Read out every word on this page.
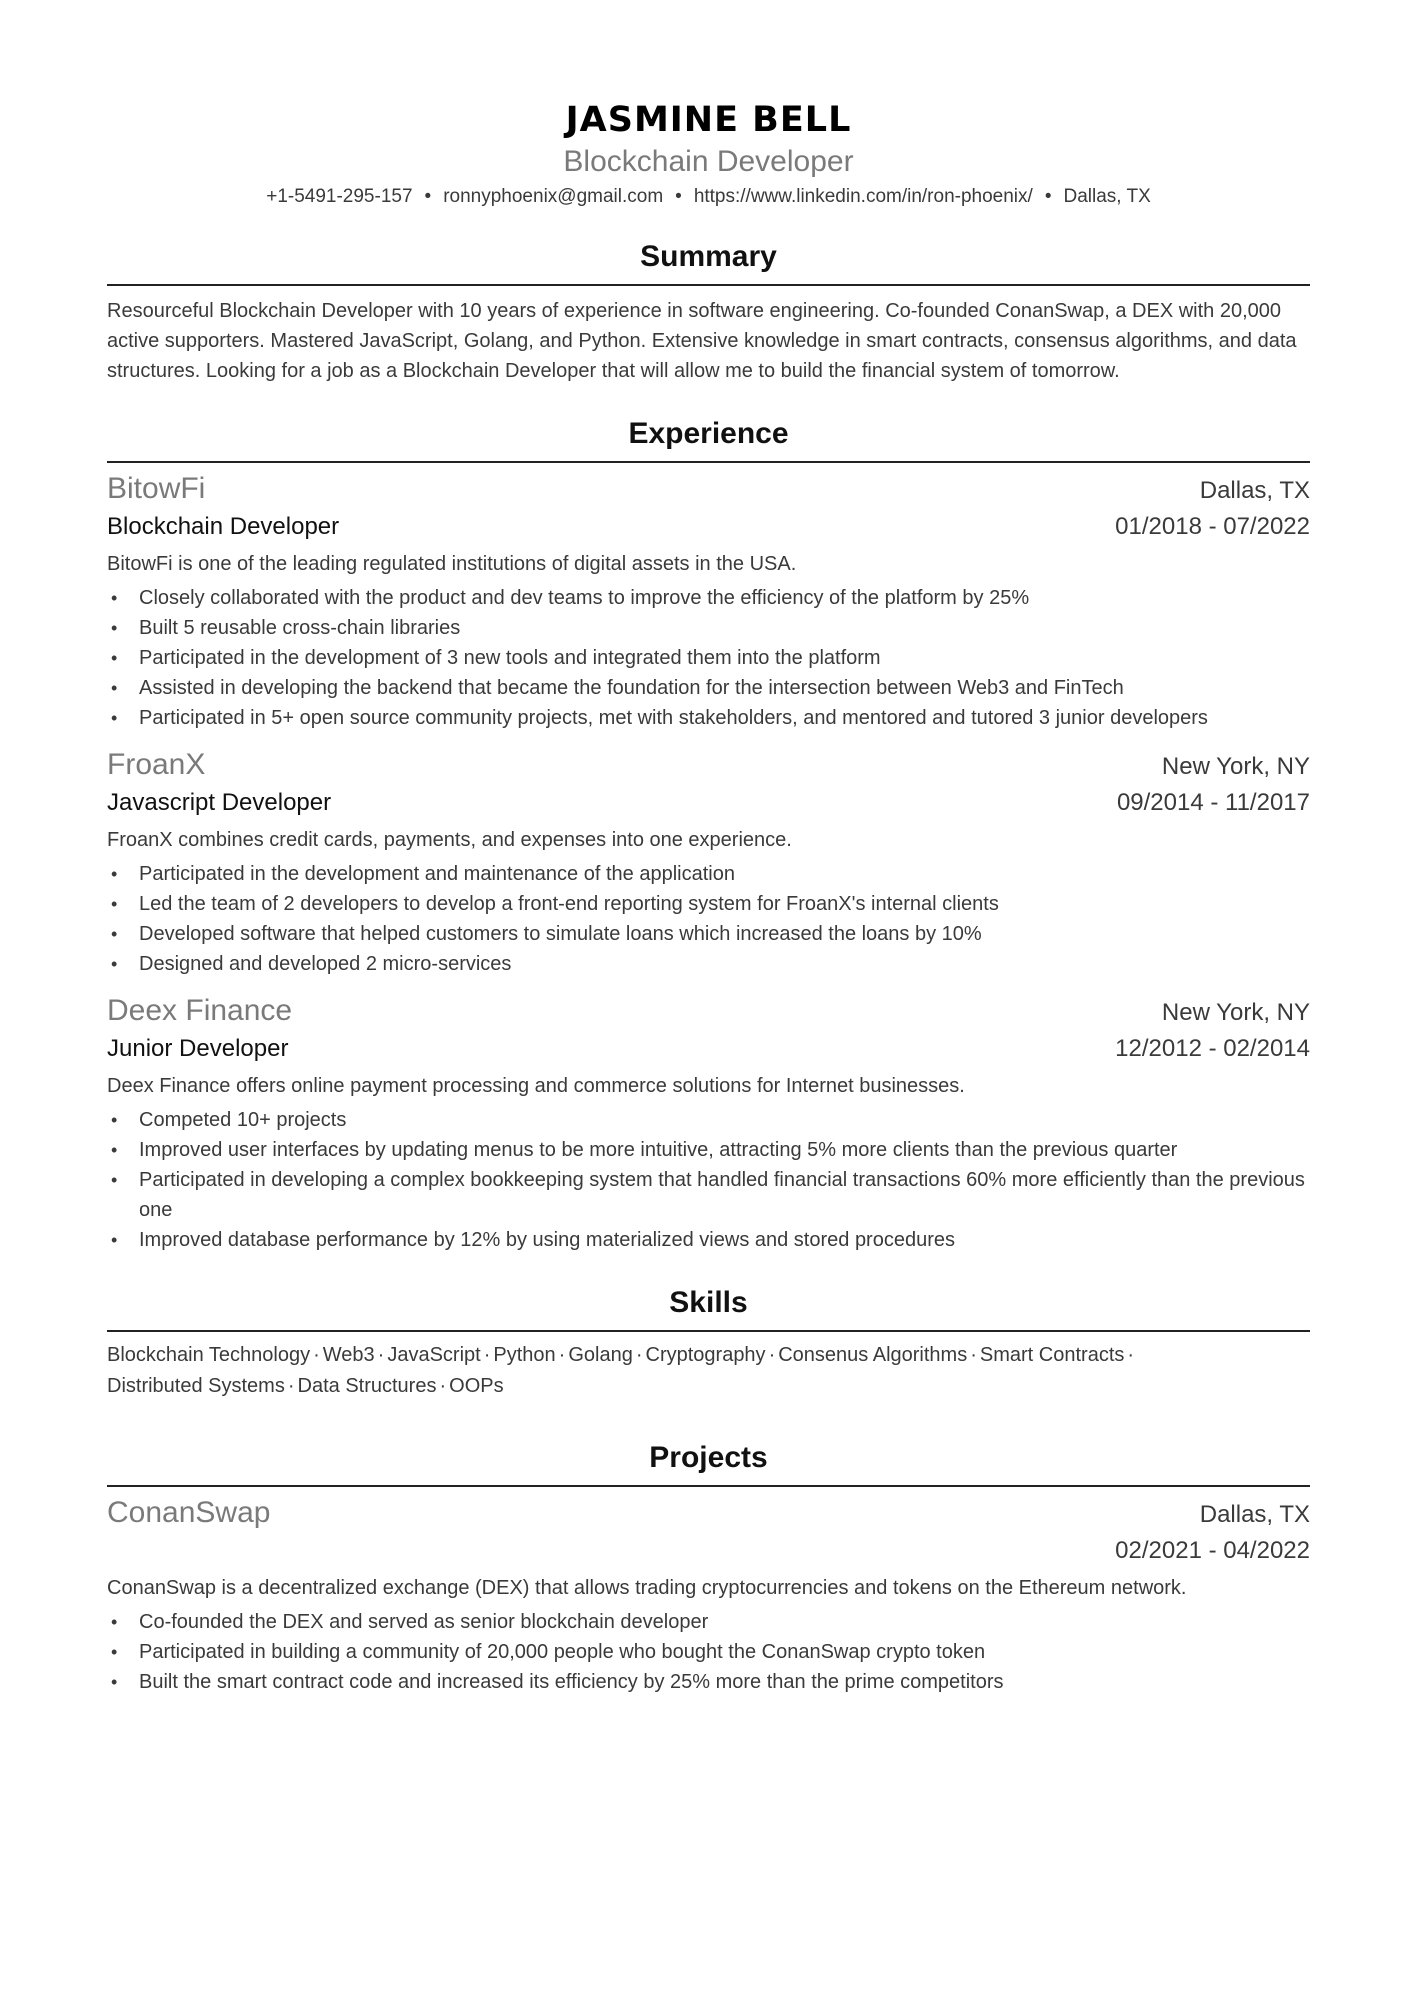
JASMINE BELL
Blockchain Developer
+1-5491-295-157 • ronnyphoenix@gmail.com • https://www.linkedin.com/in/ron-phoenix/ • Dallas, TX
Summary
Resourceful Blockchain Developer with 10 years of experience in software engineering. Co-founded ConanSwap, a DEX with 20,000 active supporters. Mastered JavaScript, Golang, and Python. Extensive knowledge in smart contracts, consensus algorithms, and data structures. Looking for a job as a Blockchain Developer that will allow me to build the financial system of tomorrow.
Experience
BitowFi	Dallas, TX
Blockchain Developer	01/2018 - 07/2022
BitowFi is one of the leading regulated institutions of digital assets in the USA.
• Closely collaborated with the product and dev teams to improve the efficiency of the platform by 25%
• Built 5 reusable cross-chain libraries
• Participated in the development of 3 new tools and integrated them into the platform
• Assisted in developing the backend that became the foundation for the intersection between Web3 and FinTech
• Participated in 5+ open source community projects, met with stakeholders, and mentored and tutored 3 junior developers
FroanX	New York, NY
Javascript Developer	09/2014 - 11/2017
FroanX combines credit cards, payments, and expenses into one experience.
• Participated in the development and maintenance of the application
• Led the team of 2 developers to develop a front-end reporting system for FroanX's internal clients
• Developed software that helped customers to simulate loans which increased the loans by 10%
• Designed and developed 2 micro-services
Deex Finance	New York, NY
Junior Developer	12/2012 - 02/2014
Deex Finance offers online payment processing and commerce solutions for Internet businesses.
• Competed 10+ projects
• Improved user interfaces by updating menus to be more intuitive, attracting 5% more clients than the previous quarter
• Participated in developing a complex bookkeeping system that handled financial transactions 60% more efficiently than the previous one
• Improved database performance by 12% by using materialized views and stored procedures
Skills
Blockchain Technology · Web3 · JavaScript · Python · Golang · Cryptography · Consenus Algorithms · Smart Contracts ·
Distributed Systems · Data Structures · OOPs
Projects
ConanSwap	Dallas, TX
02/2021 - 04/2022
ConanSwap is a decentralized exchange (DEX) that allows trading cryptocurrencies and tokens on the Ethereum network.
• Co-founded the DEX and served as senior blockchain developer
• Participated in building a community of 20,000 people who bought the ConanSwap crypto token
• Built the smart contract code and increased its efficiency by 25% more than the prime competitors
